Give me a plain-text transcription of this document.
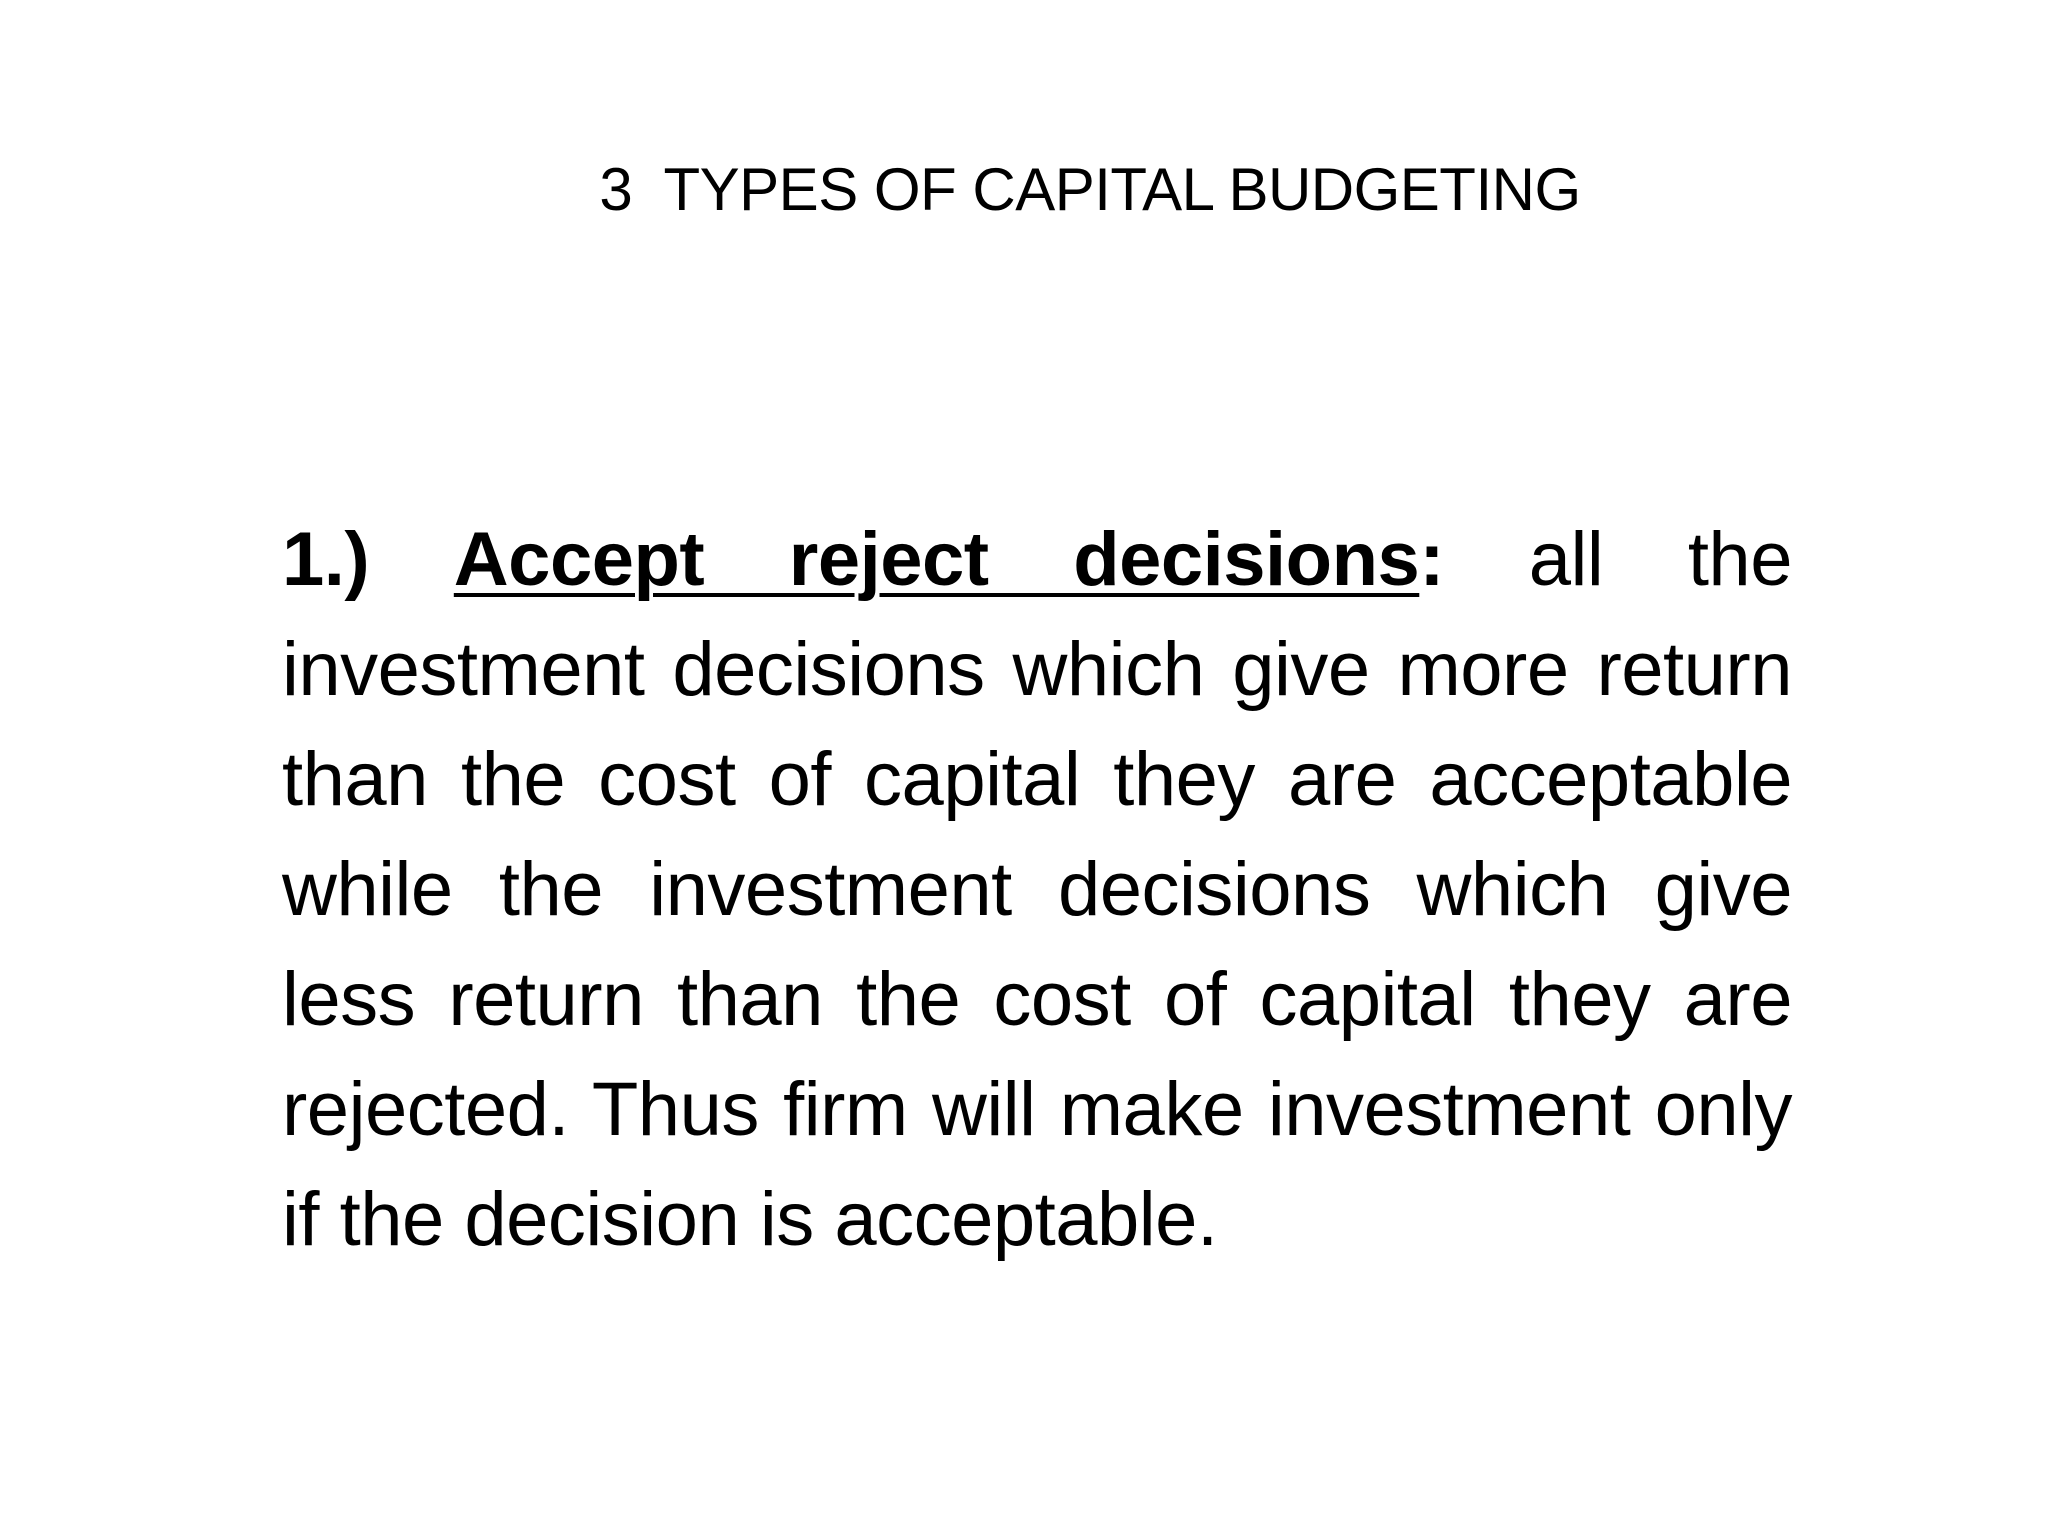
3  TYPES OF CAPITAL BUDGETING

1.) Accept reject decisions: all the investment decisions which give more return than the cost of capital they are acceptable while the investment decisions which give less return than the cost of capital they are rejected. Thus firm will make investment only if the decision is acceptable.
